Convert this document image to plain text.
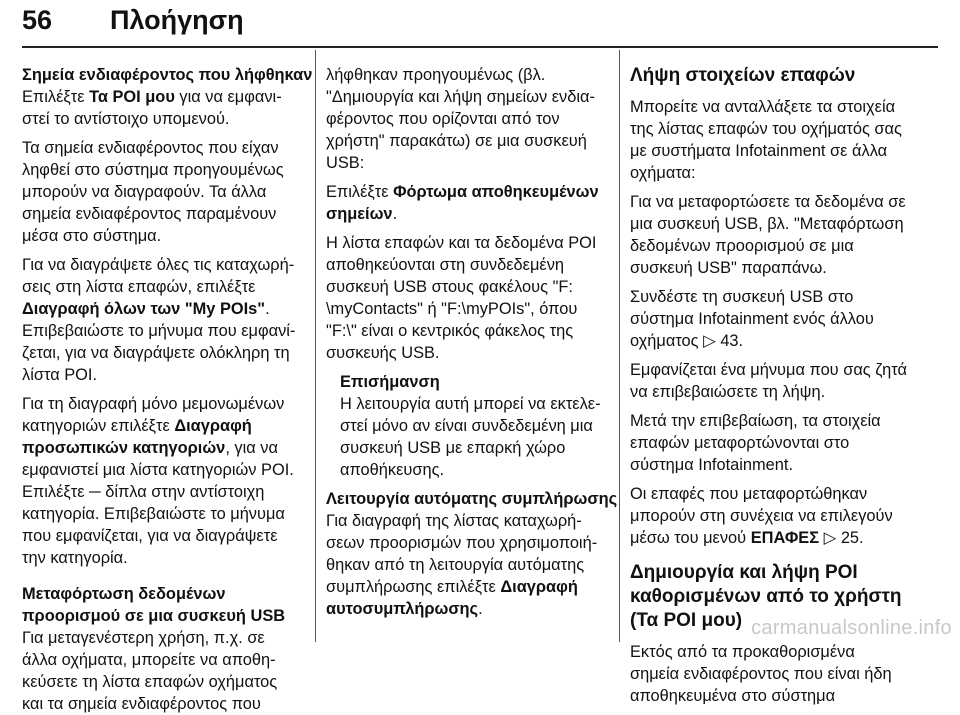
56 Πλοήγηση

Σημεία ενδιαφέροντος που λήφθηκαν
Επιλέξτε Τα POI μου για να εμφανι-
στεί το αντίστοιχο υπομενού.

Τα σημεία ενδιαφέροντος που είχαν
ληφθεί στο σύστημα προηγουμένως
μπορούν να διαγραφούν. Τα άλλα
σημεία ενδιαφέροντος παραμένουν
μέσα στο σύστημα.

Για να διαγράψετε όλες τις καταχωρή-
σεις στη λίστα επαφών, επιλέξτε
Διαγραφή όλων των "My POIs".
Επιβεβαιώστε το μήνυμα που εμφανί-
ζεται, για να διαγράψετε ολόκληρη τη
λίστα POI.

Για τη διαγραφή μόνο μεμονωμένων
κατηγοριών επιλέξτε Διαγραφή
προσωπικών κατηγοριών, για να
εμφανιστεί μια λίστα κατηγοριών POI.
Επιλέξτε ─ δίπλα στην αντίστοιχη
κατηγορία. Επιβεβαιώστε το μήνυμα
που εμφανίζεται, για να διαγράψετε
την κατηγορία.

Μεταφόρτωση δεδομένων
προορισμού σε μια συσκευή USB
Για μεταγενέστερη χρήση, π.χ. σε
άλλα οχήματα, μπορείτε να αποθη-
κεύσετε τη λίστα επαφών οχήματος
και τα σημεία ενδιαφέροντος που

λήφθηκαν προηγουμένως (βλ.
"Δημιουργία και λήψη σημείων ενδια-
φέροντος που ορίζονται από τον
χρήστη" παρακάτω) σε μια συσκευή
USB:

Επιλέξτε Φόρτωμα αποθηκευμένων
σημείων.

Η λίστα επαφών και τα δεδομένα POI
αποθηκεύονται στη συνδεδεμένη
συσκευή USB στους φακέλους "F:
\myContacts" ή "F:\myPOIs", όπου
"F:\" είναι ο κεντρικός φάκελος της
συσκευής USB.

Επισήμανση
Η λειτουργία αυτή μπορεί να εκτελε-
στεί μόνο αν είναι συνδεδεμένη μια
συσκευή USB με επαρκή χώρο
αποθήκευσης.

Λειτουργία αυτόματης συμπλήρωσης
Για διαγραφή της λίστας καταχωρή-
σεων προορισμών που χρησιμοποιή-
θηκαν από τη λειτουργία αυτόματης
συμπλήρωσης επιλέξτε Διαγραφή
αυτοσυμπλήρωσης.

Λήψη στοιχείων επαφών

Μπορείτε να ανταλλάξετε τα στοιχεία
της λίστας επαφών του οχήματός σας
με συστήματα Infotainment σε άλλα
οχήματα:

Για να μεταφορτώσετε τα δεδομένα σε
μια συσκευή USB, βλ. "Μεταφόρτωση
δεδομένων προορισμού σε μια
συσκευή USB" παραπάνω.

Συνδέστε τη συσκευή USB στο
σύστημα Infotainment ενός άλλου
οχήματος ▷ 43.

Εμφανίζεται ένα μήνυμα που σας ζητά
να επιβεβαιώσετε τη λήψη.

Μετά την επιβεβαίωση, τα στοιχεία
επαφών μεταφορτώνονται στο
σύστημα Infotainment.

Οι επαφές που μεταφορτώθηκαν
μπορούν στη συνέχεια να επιλεγούν
μέσω του μενού ΕΠΑΦΕΣ ▷ 25.

Δημιουργία και λήψη POI
καθορισμένων από το χρήστη
(Τα POI μου)

Εκτός από τα προκαθορισμένα
σημεία ενδιαφέροντος που είναι ήδη
αποθηκευμένα στο σύστημα

carmanualsonline.info
